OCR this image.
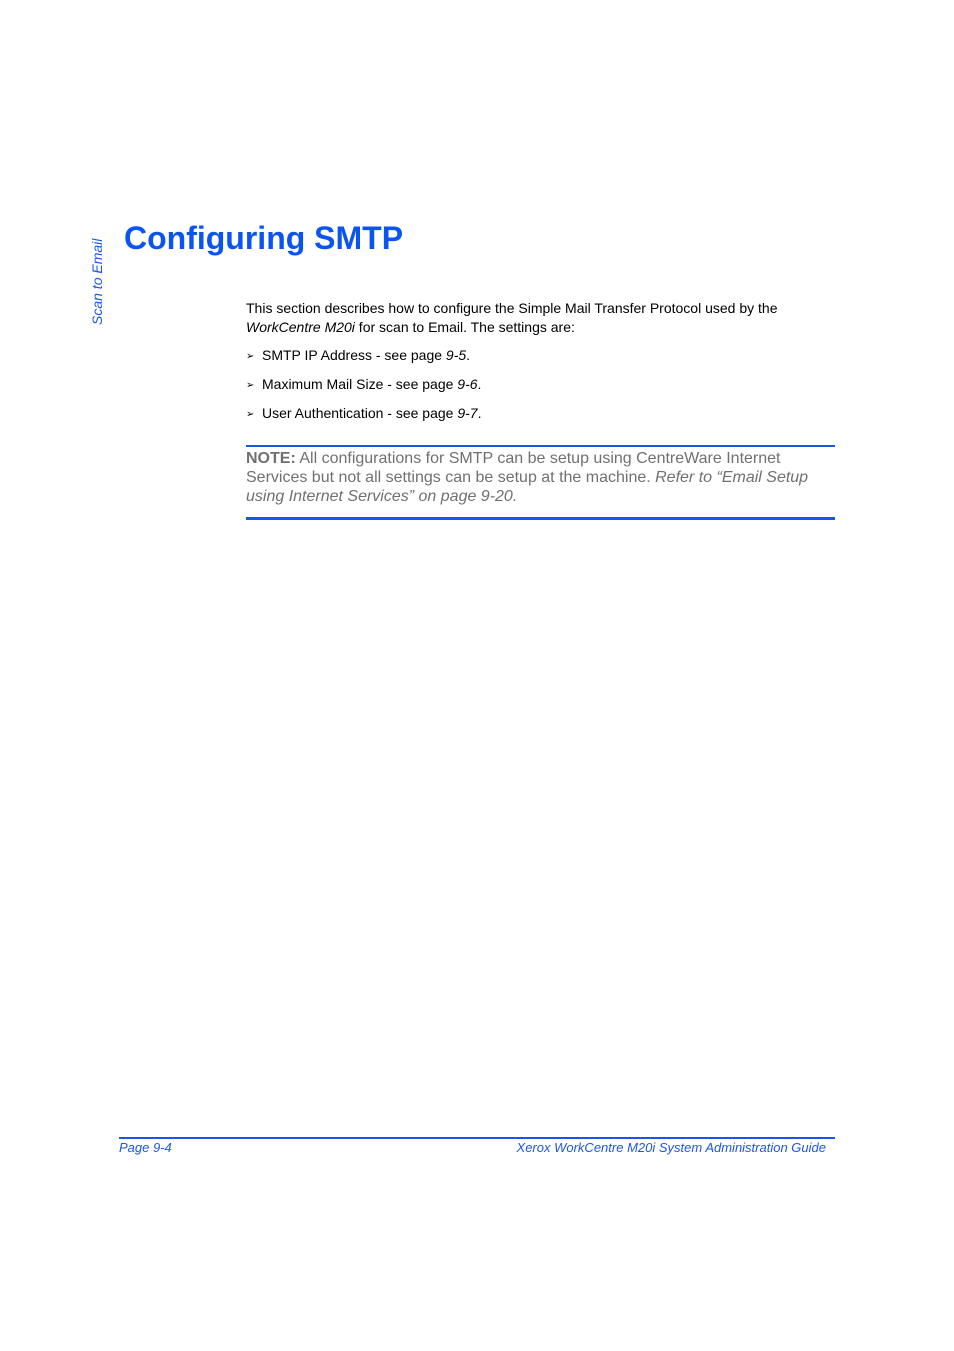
Scan to Email
Configuring SMTP

This section describes how to configure the Simple Mail Transfer Protocol used by the
WorkCentre M20i for scan to Email. The settings are:

➢ SMTP IP Address - see page 9-5.
➢ Maximum Mail Size - see page 9-6.
➢ User Authentication - see page 9-7.
NOTE: All configurations for SMTP can be setup using CentreWare Internet Services but not all settings can be setup at the machine. Refer to “Email Setup using Internet Services” on page 9-20.
Page 9-4	Xerox WorkCentre M20i System Administration Guide
